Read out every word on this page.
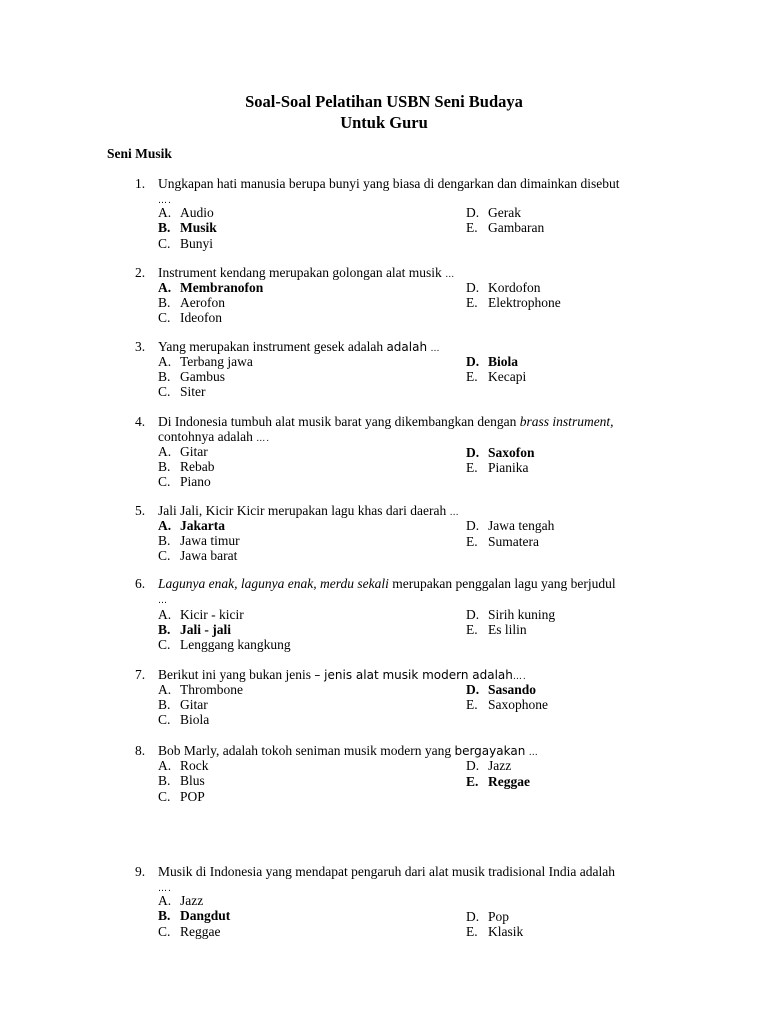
Soal-Soal Pelatihan USBN Seni Budaya
Untuk Guru
Seni Musik
1. Ungkapan hati manusia berupa bunyi yang biasa di dengarkan dan dimainkan disebut
….
A. Audio
B. Musik
C. Bunyi
D. Gerak
E. Gambaran
2. Instrument kendang merupakan golongan alat musik …
A. Membranofon
B. Aerofon
C. Ideofon
D. Kordofon
E. Elektrophone
3. Yang merupakan instrument gesek adalah adalah …
A. Terbang jawa
B. Gambus
C. Siter
D. Biola
E. Kecapi
4. Di Indonesia tumbuh alat musik barat yang dikembangkan dengan brass instrument,
contohnya adalah ….
A. Gitar
B. Rebab
C. Piano
D. Saxofon
E. Pianika
5. Jali Jali, Kicir Kicir merupakan lagu khas dari daerah …
A. Jakarta
B. Jawa timur
C. Jawa barat
D. Jawa tengah
E. Sumatera
6. Lagunya enak, lagunya enak, merdu sekali merupakan penggalan lagu yang berjudul
…
A. Kicir - kicir
B. Jali - jali
C. Lenggang kangkung
D. Sirih kuning
E. Es lilin
7. Berikut ini yang bukan jenis – jenis alat musik modern adalah….
A. Thrombone
B. Gitar
C. Biola
D. Sasando
E. Saxophone
8. Bob Marly, adalah tokoh seniman musik modern yang bergayakan …
A. Rock
B. Blus
C. POP
D. Jazz
E. Reggae
9. Musik di Indonesia yang mendapat pengaruh dari alat musik tradisional India adalah
….
A. Jazz
B. Dangdut
C. Reggae
D. Pop
E. Klasik
